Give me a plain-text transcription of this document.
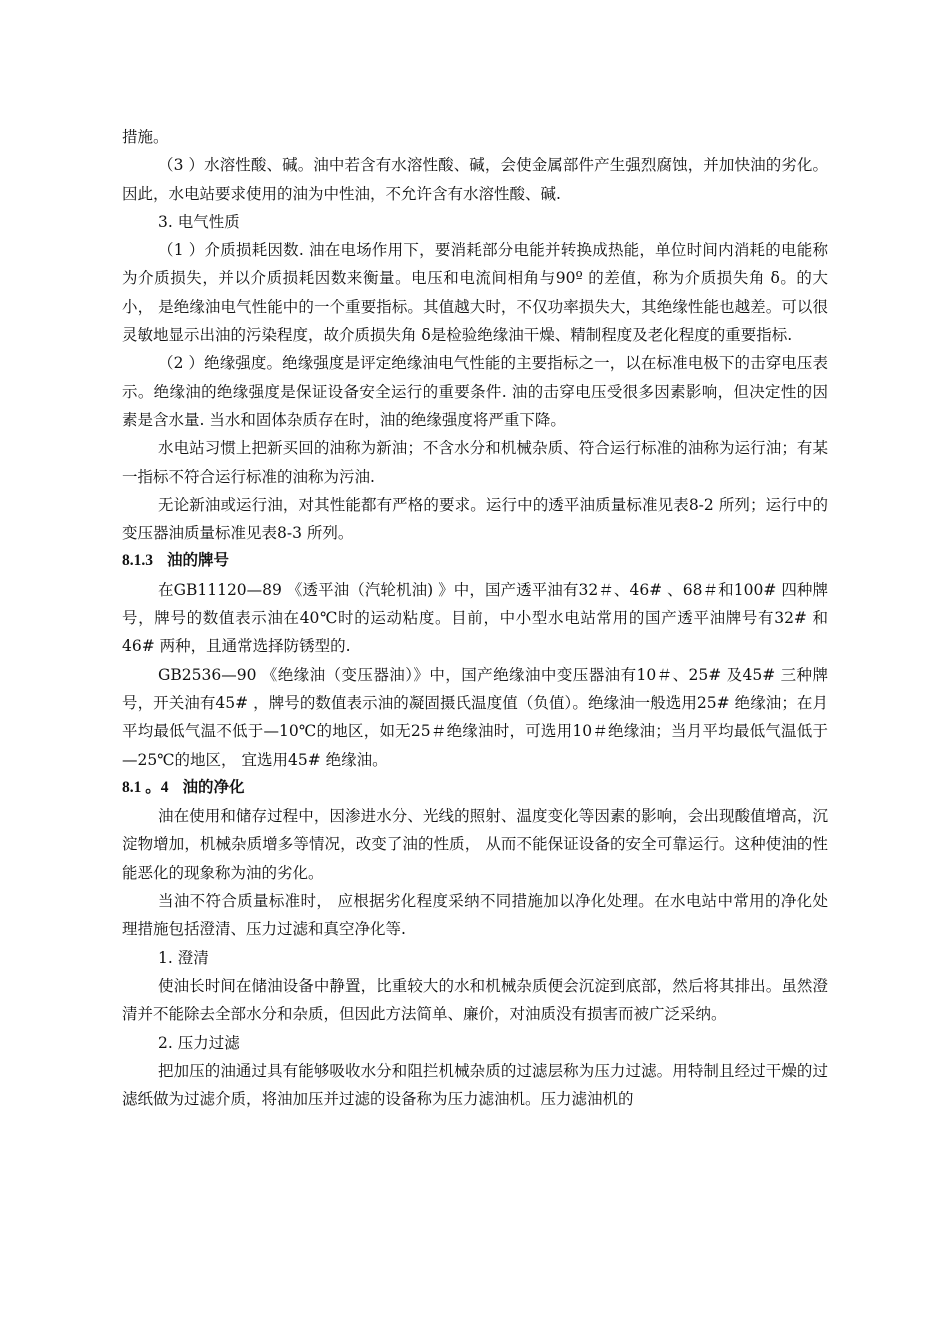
措施。

（3 ）水溶性酸、碱。油中若含有水溶性酸、碱，会使金属部件产生强烈腐蚀，并加快油的劣化。因此，水电站要求使用的油为中性油，不允许含有水溶性酸、碱.

3. 电气性质

（1 ）介质损耗因数. 油在电场作用下，要消耗部分电能并转换成热能，单位时间内消耗的电能称为介质损失，并以介质损耗因数来衡量。电压和电流间相角与90º 的差值，称为介质损失角 δ。的大小， 是绝缘油电气性能中的一个重要指标。其值越大时，不仅功率损失大，其绝缘性能也越差。可以很灵敏地显示出油的污染程度，故介质损失角 δ是检验绝缘油干燥、精制程度及老化程度的重要指标.

（2 ）绝缘强度。绝缘强度是评定绝缘油电气性能的主要指标之一，以在标准电极下的击穿电压表示。绝缘油的绝缘强度是保证设备安全运行的重要条件. 油的击穿电压受很多因素影响，但决定性的因素是含水量. 当水和固体杂质存在时，油的绝缘强度将严重下降。

水电站习惯上把新买回的油称为新油；不含水分和机械杂质、符合运行标准的油称为运行油；有某一指标不符合运行标准的油称为污油.

无论新油或运行油，对其性能都有严格的要求。运行中的透平油质量标准见表8-2 所列；运行中的变压器油质量标准见表8-3 所列。

8.1.3 油的牌号

在GB11120—89 《透平油（汽轮机油) 》中，国产透平油有32＃、46# 、68＃和100# 四种牌号，牌号的数值表示油在40℃时的运动粘度。目前，中小型水电站常用的国产透平油牌号有32# 和46# 两种，且通常选择防锈型的.

GB2536—90 《绝缘油（变压器油）》中，国产绝缘油中变压器油有10＃、25# 及45# 三种牌号，开关油有45# ，牌号的数值表示油的凝固摄氏温度值（负值）。绝缘油一般选用25# 绝缘油；在月平均最低气温不低于—10℃的地区，如无25＃绝缘油时，可选用10＃绝缘油；当月平均最低气温低于—25℃的地区， 宜选用45# 绝缘油。

8.1 。4 油的净化

油在使用和储存过程中，因渗进水分、光线的照射、温度变化等因素的影响，会出现酸值增高，沉淀物增加，机械杂质增多等情况，改变了油的性质， 从而不能保证设备的安全可靠运行。这种使油的性能恶化的现象称为油的劣化。

当油不符合质量标准时， 应根据劣化程度采纳不同措施加以净化处理。在水电站中常用的净化处理措施包括澄清、压力过滤和真空净化等.

1. 澄清

使油长时间在储油设备中静置，比重较大的水和机械杂质便会沉淀到底部，然后将其排出。虽然澄清并不能除去全部水分和杂质，但因此方法简单、廉价，对油质没有损害而被广泛采纳。

2. 压力过滤

把加压的油通过具有能够吸收水分和阻拦机械杂质的过滤层称为压力过滤。用特制且经过干燥的过滤纸做为过滤介质，将油加压并过滤的设备称为压力滤油机。压力滤油机的
